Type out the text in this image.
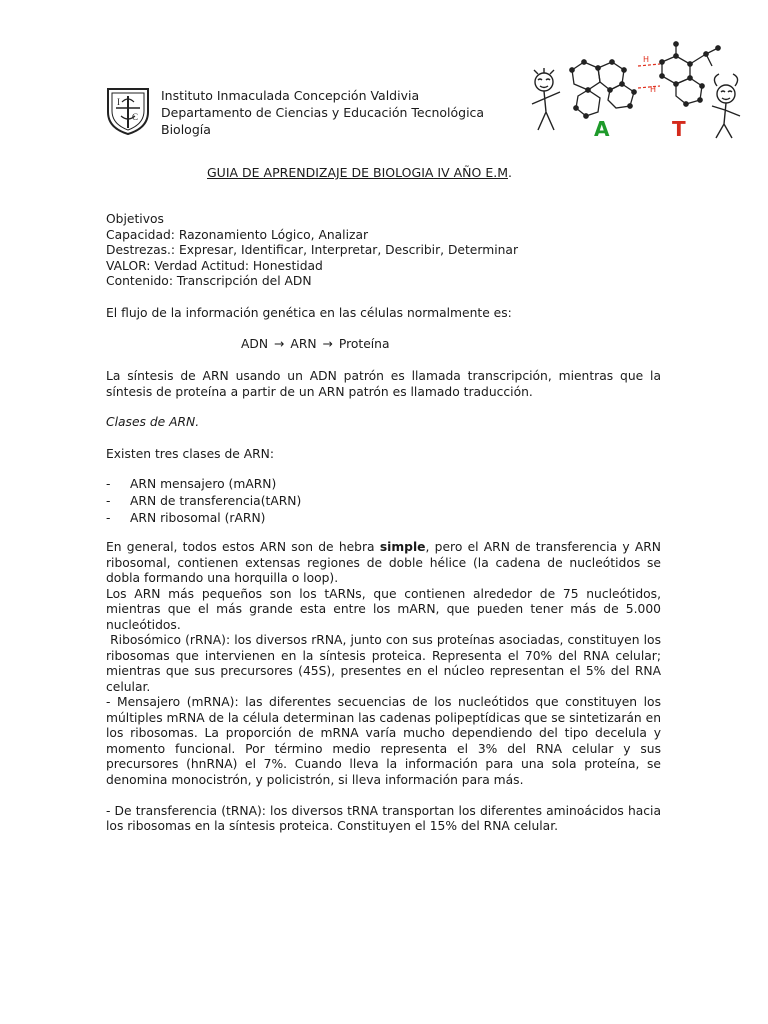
I
C
Instituto Inmaculada Concepción Valdivia
Departamento de Ciencias y Educación Tecnológica
Biología
H
H
A	T
GUIA DE APRENDIZAJE DE BIOLOGIA IV AÑO E.M.
Objetivos
Capacidad: Razonamiento Lógico, Analizar
Destrezas.: Expresar, Identificar, Interpretar, Describir, Determinar
VALOR: Verdad Actitud: Honestidad
Contenido: Transcripción del ADN
El flujo de la información genética en las células normalmente es:
ADN → ARN → Proteína

La síntesis de ARN usando un ADN patrón es llamada transcripción, mientras que la síntesis de proteína a partir de un ARN patrón es llamado traducción.

Clases de ARN.
Existen tres clases de ARN:
-	ARN mensajero (mARN)
-	ARN de transferencia(tARN)
-	ARN ribosomal (rARN)

En general, todos estos ARN son de hebra simple, pero el ARN de transferencia y ARN ribosomal, contienen extensas regiones de doble hélice (la cadena de nucleótidos se dobla formando una horquilla o loop).

Los ARN más pequeños son los tARNs, que contienen alrededor de 75 nucleótidos, mientras que el más grande esta entre los mARN, que pueden tener más de 5.000 nucleótidos.

Ribosómico (rRNA): los diversos rRNA, junto con sus proteínas asociadas, constituyen los ribosomas que intervienen en la síntesis proteica. Representa el 70% del RNA celular; mientras que sus precursores (45S), presentes en el núcleo representan el 5% del RNA celular.

- Mensajero (mRNA): las diferentes secuencias de los nucleótidos que constituyen los múltiples mRNA de la célula determinan las cadenas polipeptídicas que se sintetizarán en los ribosomas. La proporción de mRNA varía mucho dependiendo del tipo decelula y momento funcional. Por término medio representa el 3% del RNA celular y sus precursores (hnRNA) el 7%. Cuando lleva la información para una sola proteína, se denomina monocistrón, y policistrón, si lleva información para más.

- De transferencia (tRNA): los diversos tRNA transportan los diferentes aminoácidos hacia los ribosomas en la síntesis proteica. Constituyen el 15% del RNA celular.
